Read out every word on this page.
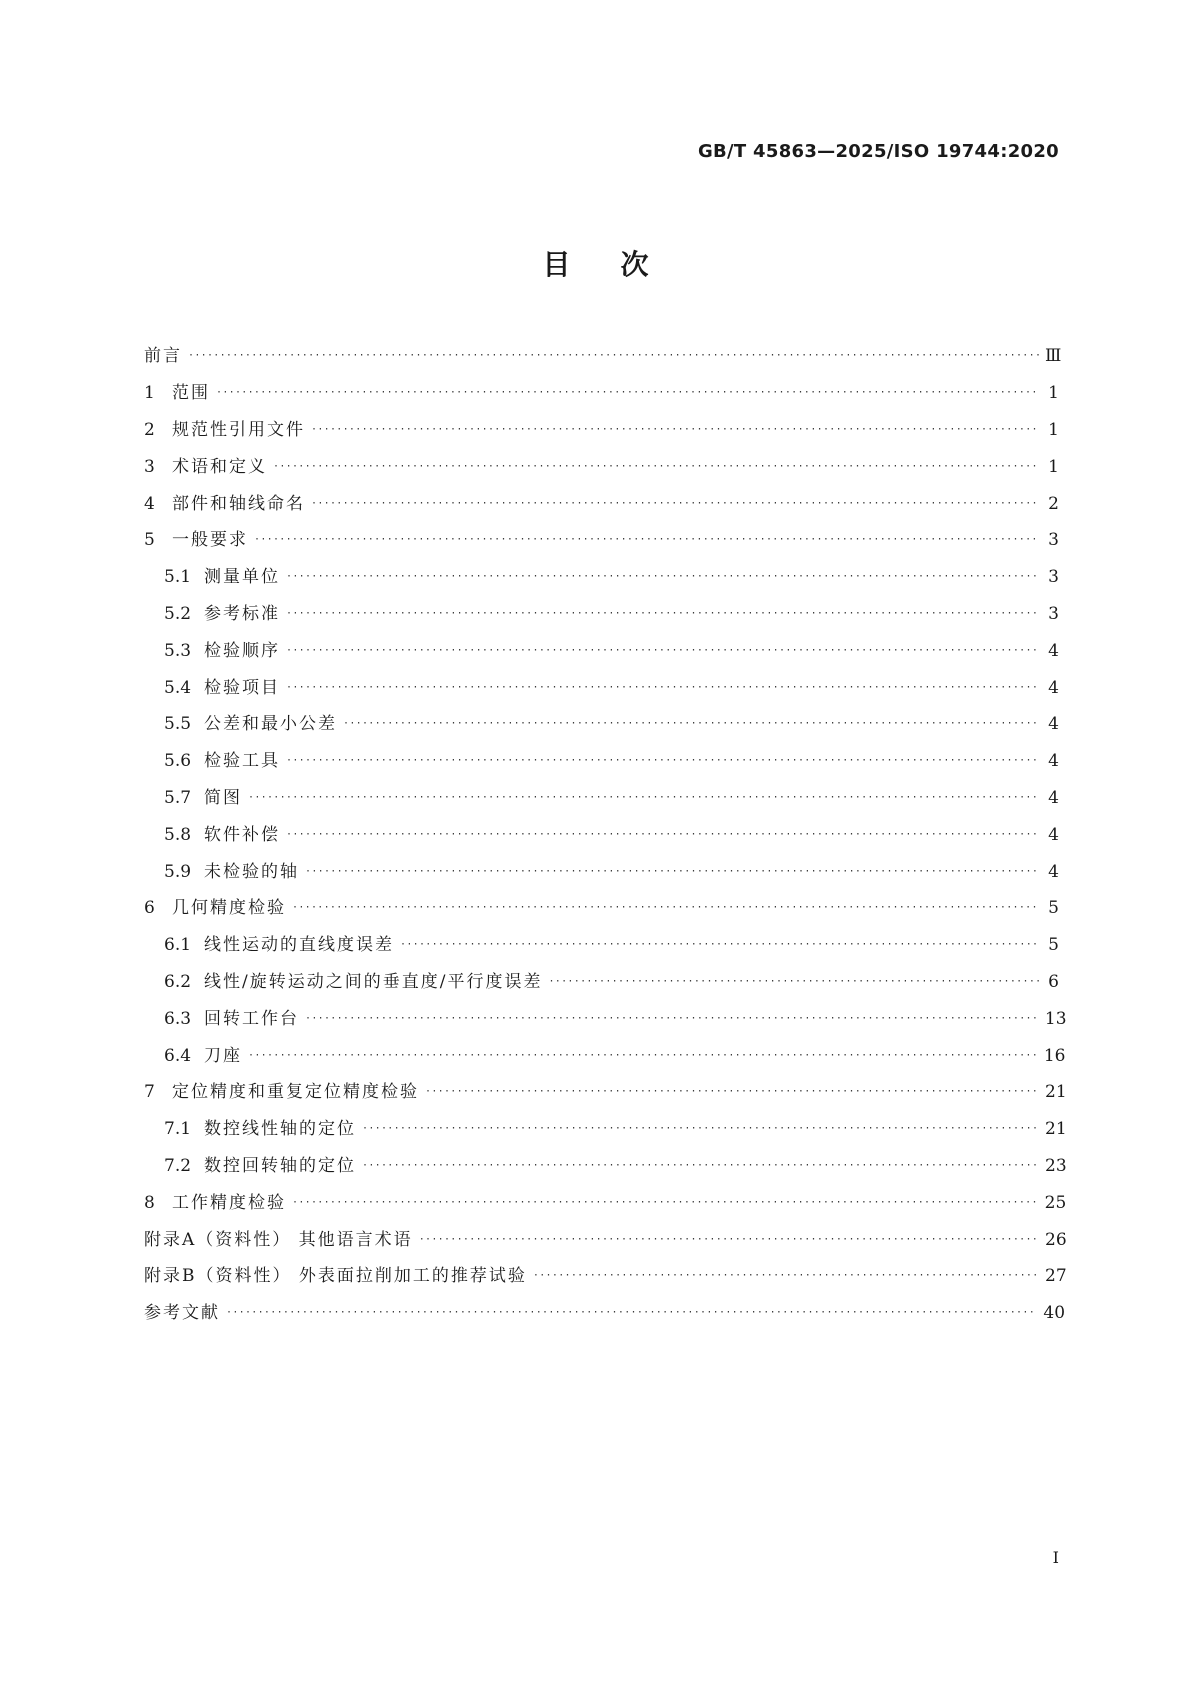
GB/T 45863—2025/ISO 19744:2020
目次
前言 ·····	Ⅲ
1	范围 ·····	1
2	规范性引用文件 ·····	1
3	术语和定义 ·····	1
4	部件和轴线命名 ·····	2
5	一般要求 ·····	3
5.1 测量单位 ·····	3
5.2 参考标准 ·····	3
5.3 检验顺序 ·····	4
5.4 检验项目 ·····	4
5.5 公差和最小公差 ·····	4
5.6 检验工具 ·····	4
5.7 简图 ·····	4
5.8 软件补偿 ·····	4
5.9 未检验的轴 ·····	4
6	几何精度检验 ·····	5
6.1 线性运动的直线度误差 ·····	5
6.2 线性/旋转运动之间的垂直度/平行度误差 ·····	6
6.3 回转工作台 ·····	13
6.4 刀座 ·····	16
7	定位精度和重复定位精度检验 ·····	21
7.1 数控线性轴的定位 ·····	21
7.2 数控回转轴的定位 ·····	23
8	工作精度检验 ·····	25
附录A（资料性） 其他语言术语 ·····	26
附录B（资料性） 外表面拉削加工的推荐试验 ·····	27
参考文献 ·····	40
I
